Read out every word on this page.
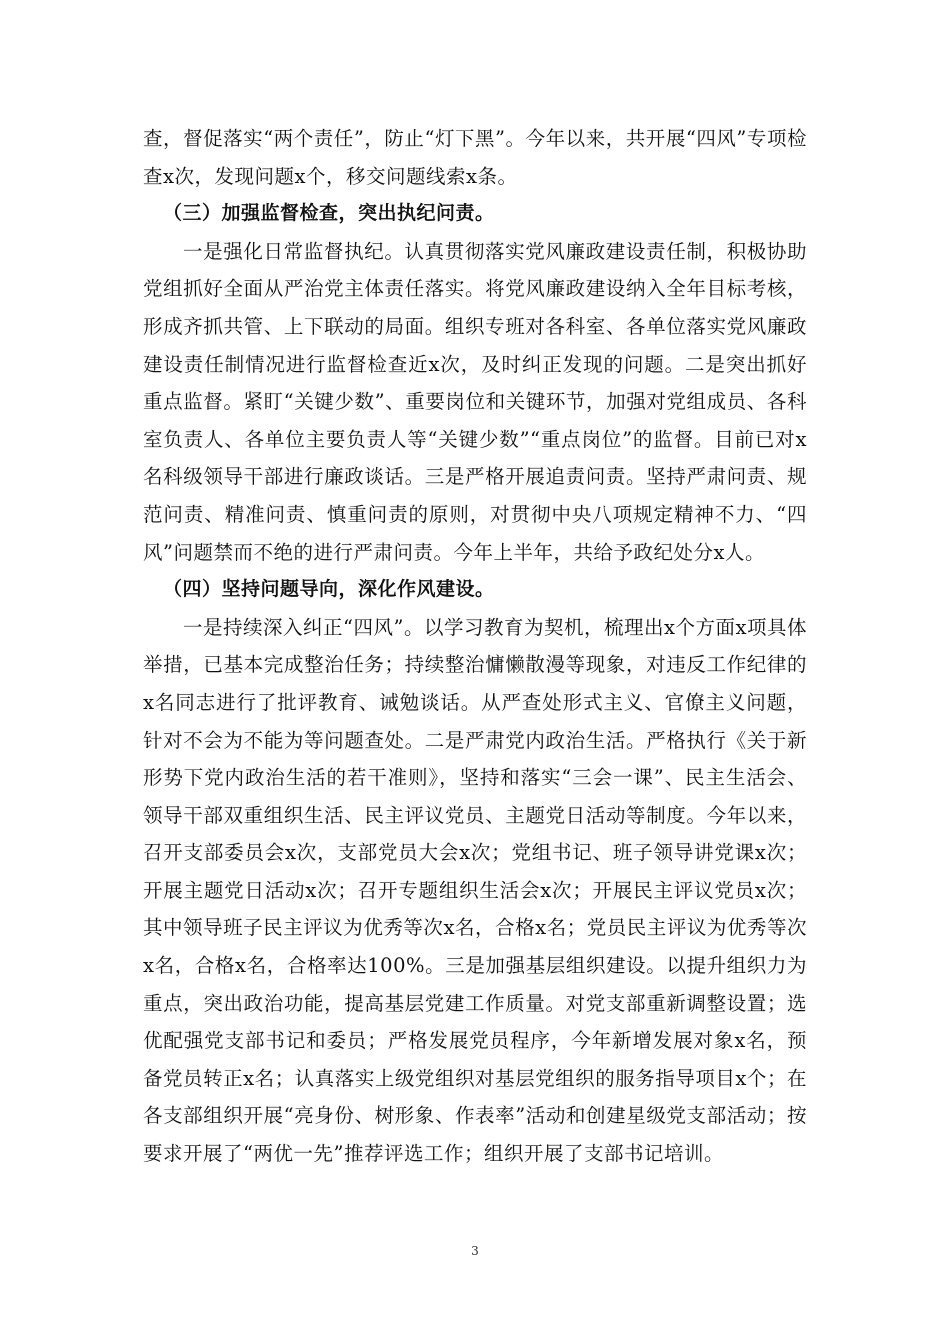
查，督促落实“两个责任”，防止“灯下黑”。今年以来，共开展“四风”专项检查x次，发现问题x个，移交问题线索x条。

（三）加强监督检查，突出执纪问责。

一是强化日常监督执纪。认真贯彻落实党风廉政建设责任制，积极协助党组抓好全面从严治党主体责任落实。将党风廉政建设纳入全年目标考核，形成齐抓共管、上下联动的局面。组织专班对各科室、各单位落实党风廉政建设责任制情况进行监督检查近x次，及时纠正发现的问题。二是突出抓好重点监督。紧盯“关键少数”、重要岗位和关键环节，加强对党组成员、各科室负责人、各单位主要负责人等“关键少数”“重点岗位”的监督。目前已对x名科级领导干部进行廉政谈话。三是严格开展追责问责。坚持严肃问责、规范问责、精准问责、慎重问责的原则，对贯彻中央八项规定精神不力、“四风”问题禁而不绝的进行严肃问责。今年上半年，共给予政纪处分x人。

（四）坚持问题导向，深化作风建设。

一是持续深入纠正“四风”。以学习教育为契机，梳理出x个方面x项具体举措，已基本完成整治任务；持续整治慵懒散漫等现象，对违反工作纪律的x名同志进行了批评教育、诫勉谈话。从严查处形式主义、官僚主义问题，针对不会为不能为等问题查处。二是严肃党内政治生活。严格执行《关于新形势下党内政治生活的若干准则》，坚持和落实“三会一课”、民主生活会、领导干部双重组织生活、民主评议党员、主题党日活动等制度。今年以来，召开支部委员会x次，支部党员大会x次；党组书记、班子领导讲党课x次；开展主题党日活动x次；召开专题组织生活会x次；开展民主评议党员x次；其中领导班子民主评议为优秀等次x名，合格x名；党员民主评议为优秀等次x名，合格x名，合格率达100%。三是加强基层组织建设。以提升组织力为重点，突出政治功能，提高基层党建工作质量。对党支部重新调整设置；选优配强党支部书记和委员；严格发展党员程序，今年新增发展对象x名，预备党员转正x名；认真落实上级党组织对基层党组织的服务指导项目x个；在各支部组织开展“亮身份、树形象、作表率”活动和创建星级党支部活动；按要求开展了“两优一先”推荐评选工作；组织开展了支部书记培训。

3
